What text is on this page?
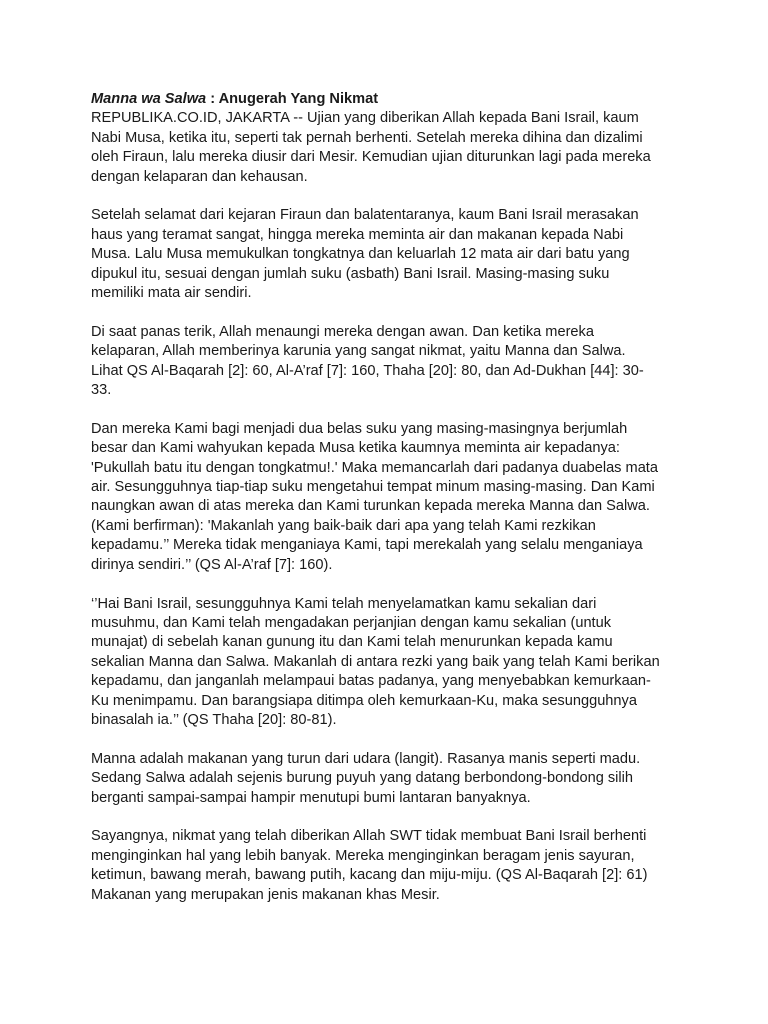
Manna wa Salwa : Anugerah Yang Nikmat

REPUBLIKA.CO.ID, JAKARTA -- Ujian yang diberikan Allah kepada Bani Israil, kaum
Nabi Musa, ketika itu, seperti tak pernah berhenti. Setelah mereka dihina dan dizalimi
oleh Firaun, lalu mereka diusir dari Mesir. Kemudian ujian diturunkan lagi pada mereka
dengan kelaparan dan kehausan.

Setelah selamat dari kejaran Firaun dan balatentaranya, kaum Bani Israil merasakan
haus yang teramat sangat, hingga mereka meminta air dan makanan kepada Nabi
Musa. Lalu Musa memukulkan tongkatnya dan keluarlah 12 mata air dari batu yang
dipukul itu, sesuai dengan jumlah suku (asbath) Bani Israil. Masing-masing suku
memiliki mata air sendiri.

Di saat panas terik, Allah menaungi mereka dengan awan. Dan ketika mereka
kelaparan, Allah memberinya karunia yang sangat nikmat, yaitu Manna dan Salwa.
Lihat QS Al-Baqarah [2]: 60, Al-A’raf [7]: 160, Thaha [20]: 80, dan Ad-Dukhan [44]: 30-
33.

Dan mereka Kami bagi menjadi dua belas suku yang masing-masingnya berjumlah
besar dan Kami wahyukan kepada Musa ketika kaumnya meminta air kepadanya:
'Pukullah batu itu dengan tongkatmu!.' Maka memancarlah dari padanya duabelas mata
air. Sesungguhnya tiap-tiap suku mengetahui tempat minum masing-masing. Dan Kami
naungkan awan di atas mereka dan Kami turunkan kepada mereka Manna dan Salwa.
(Kami berfirman): 'Makanlah yang baik-baik dari apa yang telah Kami rezkikan
kepadamu.’’ Mereka tidak menganiaya Kami, tapi merekalah yang selalu menganiaya
dirinya sendiri.’’ (QS Al-A’raf [7]: 160).

‘’Hai Bani Israil, sesungguhnya Kami telah menyelamatkan kamu sekalian dari
musuhmu, dan Kami telah mengadakan perjanjian dengan kamu sekalian (untuk
munajat) di sebelah kanan gunung itu dan Kami telah menurunkan kepada kamu
sekalian Manna dan Salwa. Makanlah di antara rezki yang baik yang telah Kami berikan
kepadamu, dan janganlah melampaui batas padanya, yang menyebabkan kemurkaan-
Ku menimpamu. Dan barangsiapa ditimpa oleh kemurkaan-Ku, maka sesungguhnya
binasalah ia.’’ (QS Thaha [20]: 80-81).

Manna adalah makanan yang turun dari udara (langit). Rasanya manis seperti madu.
Sedang Salwa adalah sejenis burung puyuh yang datang berbondong-bondong silih
berganti sampai-sampai hampir menutupi bumi lantaran banyaknya.

Sayangnya, nikmat yang telah diberikan Allah SWT tidak membuat Bani Israil berhenti
menginginkan hal yang lebih banyak. Mereka menginginkan beragam jenis sayuran,
ketimun, bawang merah, bawang putih, kacang dan miju-miju. (QS Al-Baqarah [2]: 61)
Makanan yang merupakan jenis makanan khas Mesir.
